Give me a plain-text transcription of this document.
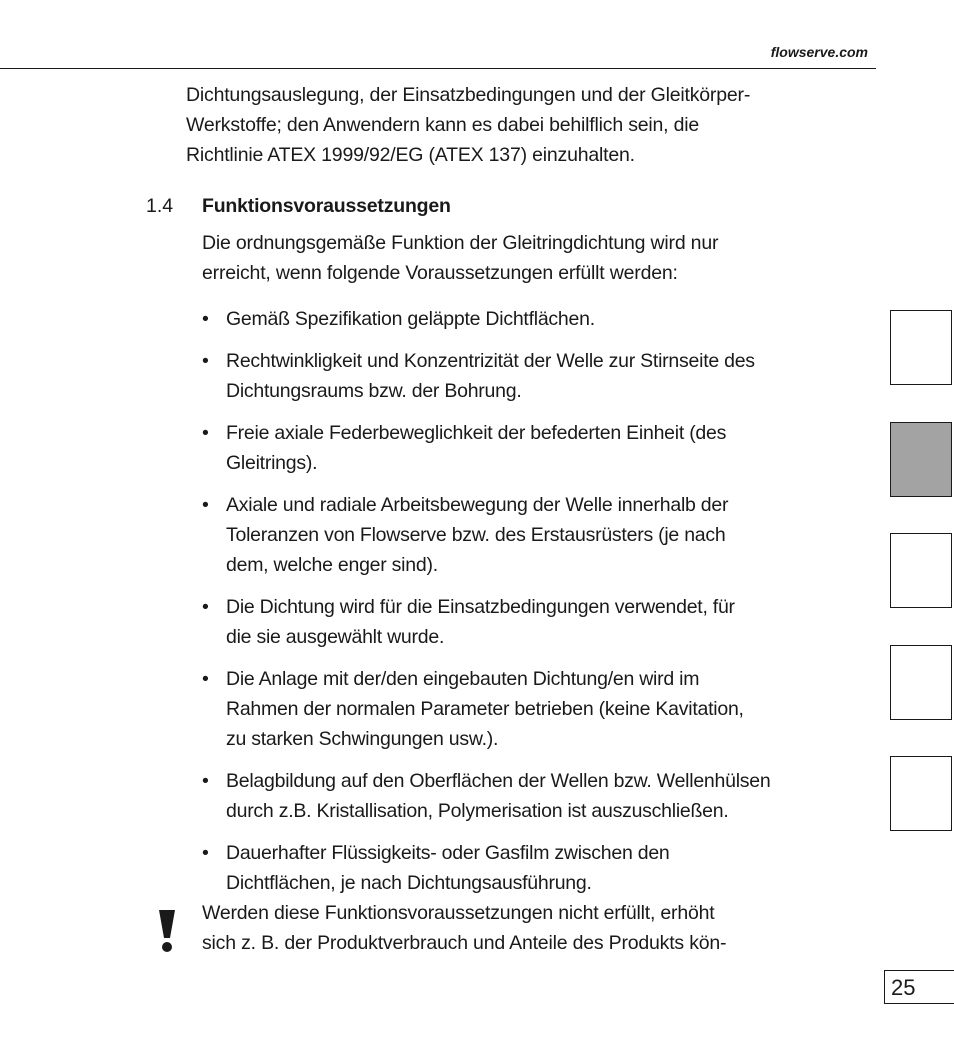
flowserve.com
Dichtungsauslegung, der Einsatzbedingungen und der Gleitkörper-
Werkstoffe; den Anwendern kann es dabei behilflich sein, die
Richtlinie ATEX 1999/92/EG (ATEX 137) einzuhalten.
1.4 Funktionsvoraussetzungen
Die ordnungsgemäße Funktion der Gleitringdichtung wird nur
erreicht, wenn folgende Voraussetzungen erfüllt werden:
• Gemäß Spezifikation geläppte Dichtflächen.
• Rechtwinkligkeit und Konzentrizität der Welle zur Stirnseite des
Dichtungsraums bzw. der Bohrung.
• Freie axiale Federbeweglichkeit der befederten Einheit (des
Gleitrings).
• Axiale und radiale Arbeitsbewegung der Welle innerhalb der
Toleranzen von Flowserve bzw. des Erstausrüsters (je nach
dem, welche enger sind).
• Die Dichtung wird für die Einsatzbedingungen verwendet, für
die sie ausgewählt wurde.
• Die Anlage mit der/den eingebauten Dichtung/en wird im
Rahmen der normalen Parameter betrieben (keine Kavitation,
zu starken Schwingungen usw.).
• Belagbildung auf den Oberflächen der Wellen bzw. Wellenhülsen
durch z.B. Kristallisation, Polymerisation ist auszuschließen.
• Dauerhafter Flüssigkeits- oder Gasfilm zwischen den
Dichtflächen, je nach Dichtungsausführung.
Werden diese Funktionsvoraussetzungen nicht erfüllt, erhöht
sich z. B. der Produktverbrauch und Anteile des Produkts kön-
25
